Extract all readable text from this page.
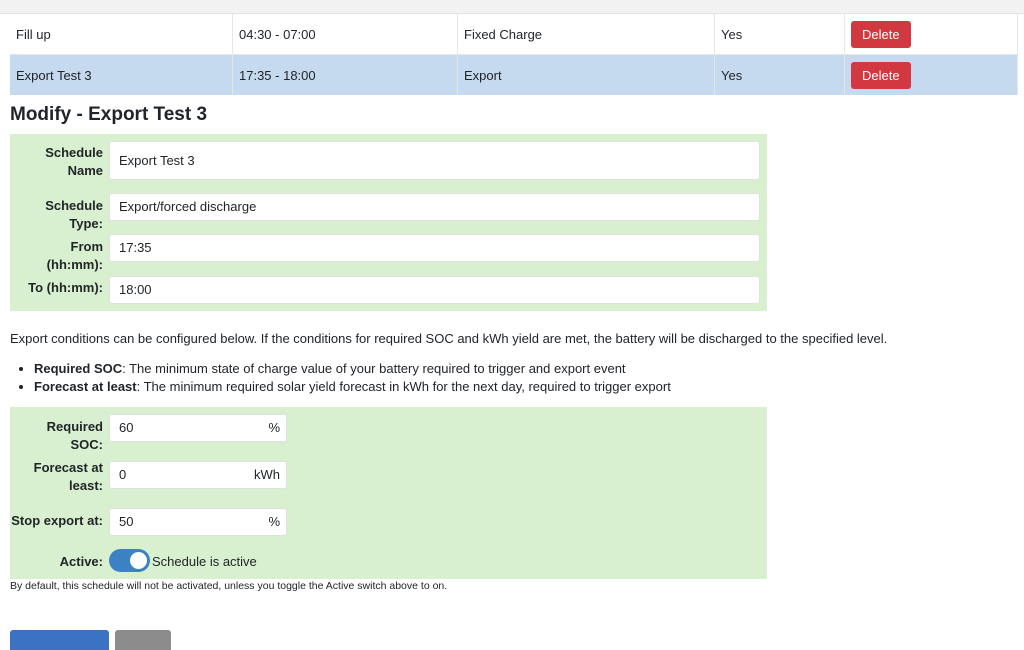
Fill up	04:30 - 07:00	Fixed Charge	Yes	Delete
Export Test 3	17:35 - 18:00	Export	Yes	Delete
Modify - Export Test 3
Schedule Name
Export Test 3
Schedule Type:
Export/forced discharge
From (hh:mm):
17:35
To (hh:mm):	18:00
Export conditions can be configured below. If the conditions for required SOC and kWh yield are met, the battery will be discharged to the specified level.
• Required SOC: The minimum state of charge value of your battery required to trigger and export event
• Forecast at least: The minimum required solar yield forecast in kWh for the next day, required to trigger export
Required SOC:
60	%
Forecast at least:
0	kWh
Stop export at:	50	%
Active:	Schedule is active
By default, this schedule will not be activated, unless you toggle the Active switch above to on.
